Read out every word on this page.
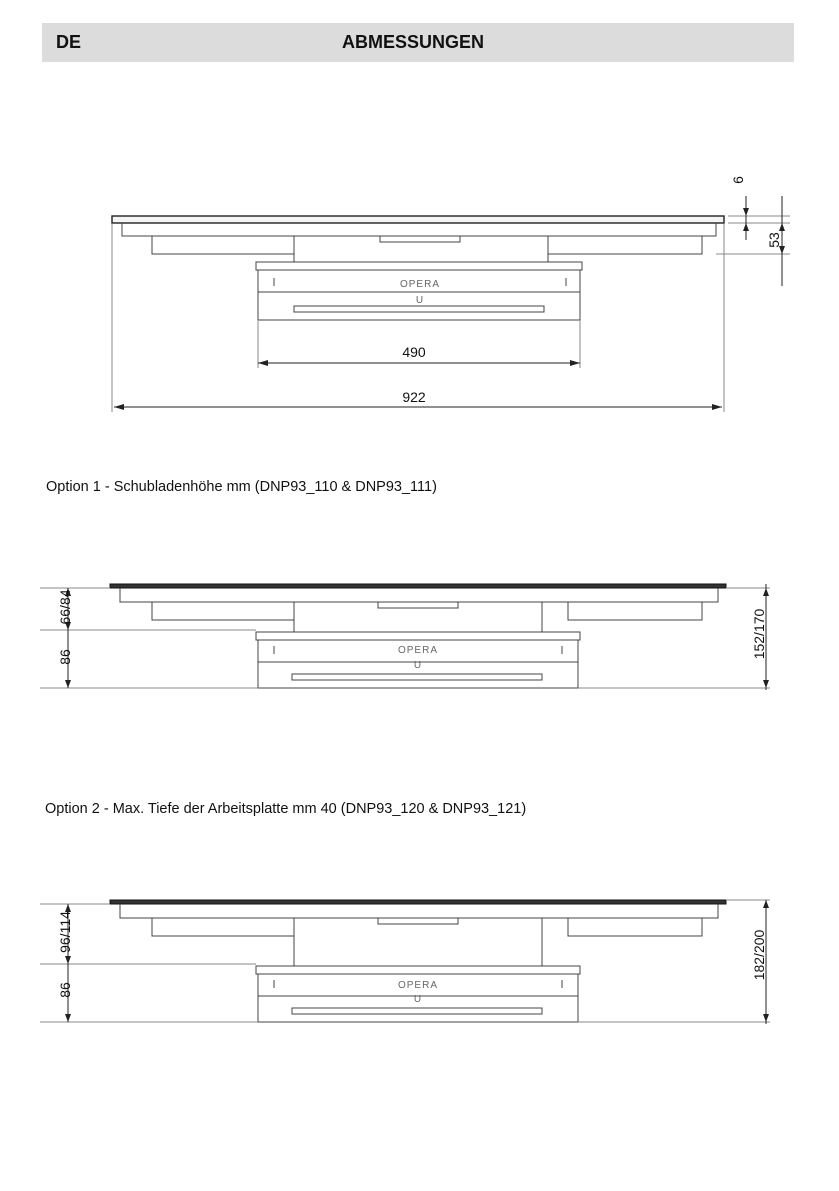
DE	ABMESSUNGEN
OPERA
U
490
922
6
53
Option 1 - Schubladenhöhe mm (DNP93_110 & DNP93_111)
OPERA
U
66/84
86	152/170
Option 2 - Max. Tiefe der Arbeitsplatte mm 40 (DNP93_120 & DNP93_121)
OPERA
U
96/114
86
182/200
